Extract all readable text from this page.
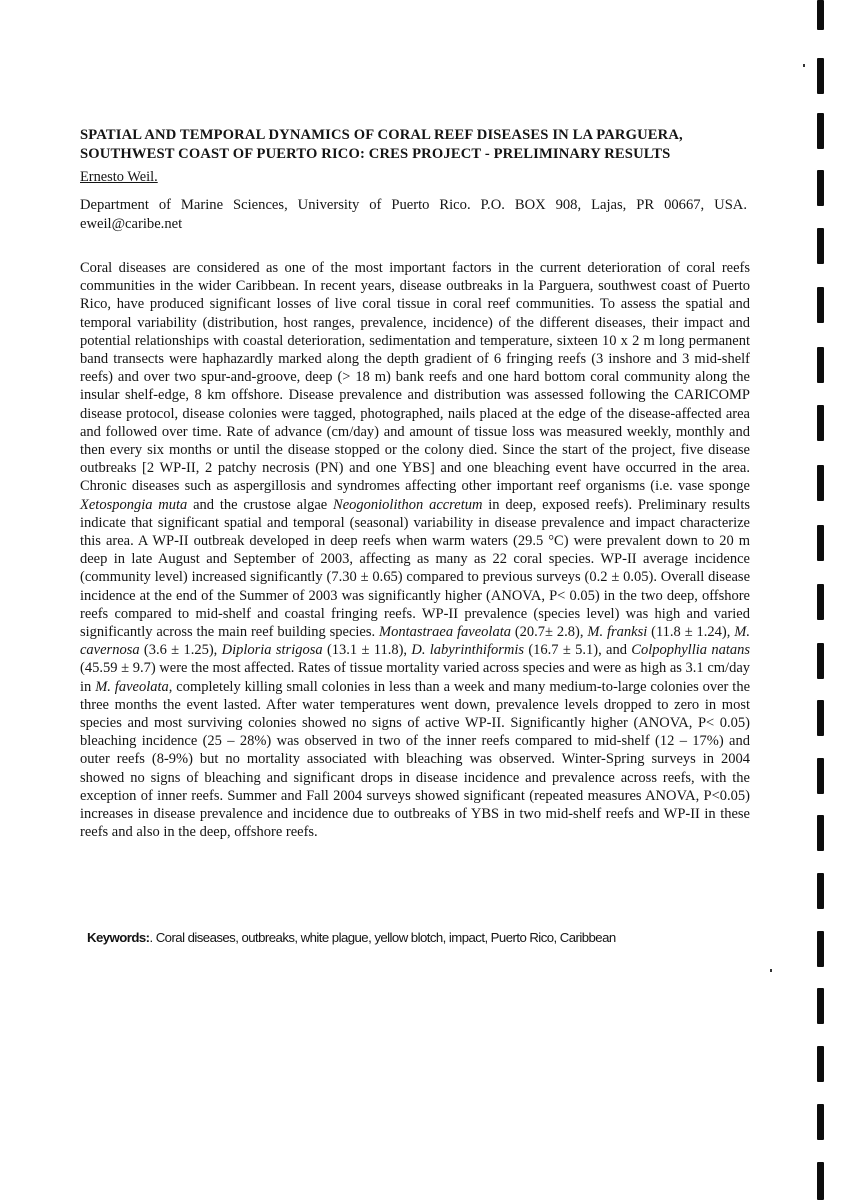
SPATIAL AND TEMPORAL DYNAMICS OF CORAL REEF DISEASES IN LA PARGUERA, SOUTHWEST COAST OF PUERTO RICO: CRES PROJECT - PRELIMINARY RESULTS

Ernesto Weil.

Department of Marine Sciences, University of Puerto Rico. P.O. BOX 908, Lajas, PR 00667, USA. eweil@caribe.net

Coral diseases are considered as one of the most important factors in the current deterioration of coral reefs communities in the wider Caribbean. In recent years, disease outbreaks in la Parguera, southwest coast of Puerto Rico, have produced significant losses of live coral tissue in coral reef communities. To assess the spatial and temporal variability (distribution, host ranges, prevalence, incidence) of the different diseases, their impact and potential relationships with coastal deterioration, sedimentation and temperature, sixteen 10 x 2 m long permanent band transects were haphazardly marked along the depth gradient of 6 fringing reefs (3 inshore and 3 mid-shelf reefs) and over two spur-and-groove, deep (> 18 m) bank reefs and one hard bottom coral community along the insular shelf-edge, 8 km offshore. Disease prevalence and distribution was assessed following the CARICOMP disease protocol, disease colonies were tagged, photographed, nails placed at the edge of the disease-affected area and followed over time. Rate of advance (cm/day) and amount of tissue loss was measured weekly, monthly and then every six months or until the disease stopped or the colony died. Since the start of the project, five disease outbreaks [2 WP-II, 2 patchy necrosis (PN) and one YBS] and one bleaching event have occurred in the area. Chronic diseases such as aspergillosis and syndromes affecting other important reef organisms (i.e. vase sponge Xetospongia muta and the crustose algae Neogoniolithon accretum in deep, exposed reefs). Preliminary results indicate that significant spatial and temporal (seasonal) variability in disease prevalence and impact characterize this area. A WP-II outbreak developed in deep reefs when warm waters (29.5 °C) were prevalent down to 20 m deep in late August and September of 2003, affecting as many as 22 coral species. WP-II average incidence (community level) increased significantly (7.30 ± 0.65) compared to previous surveys (0.2 ± 0.05). Overall disease incidence at the end of the Summer of 2003 was significantly higher (ANOVA, P< 0.05) in the two deep, offshore reefs compared to mid-shelf and coastal fringing reefs. WP-II prevalence (species level) was high and varied significantly across the main reef building species. Montastraea faveolata (20.7± 2.8), M. franksi (11.8 ± 1.24), M. cavernosa (3.6 ± 1.25), Diploria strigosa (13.1 ± 11.8), D. labyrinthiformis (16.7 ± 5.1), and Colpophyllia natans (45.59 ± 9.7) were the most affected. Rates of tissue mortality varied across species and were as high as 3.1 cm/day in M. faveolata, completely killing small colonies in less than a week and many medium-to-large colonies over the three months the event lasted. After water temperatures went down, prevalence levels dropped to zero in most species and most surviving colonies showed no signs of active WP-II. Significantly higher (ANOVA, P< 0.05) bleaching incidence (25 – 28%) was observed in two of the inner reefs compared to mid-shelf (12 – 17%) and outer reefs (8-9%) but no mortality associated with bleaching was observed. Winter-Spring surveys in 2004 showed no signs of bleaching and significant drops in disease incidence and prevalence across reefs, with the exception of inner reefs. Summer and Fall 2004 surveys showed significant (repeated measures ANOVA, P<0.05) increases in disease prevalence and incidence due to outbreaks of YBS in two mid-shelf reefs and WP-II in these reefs and also in the deep, offshore reefs.

Keywords:. Coral diseases, outbreaks, white plague, yellow blotch, impact, Puerto Rico, Caribbean
